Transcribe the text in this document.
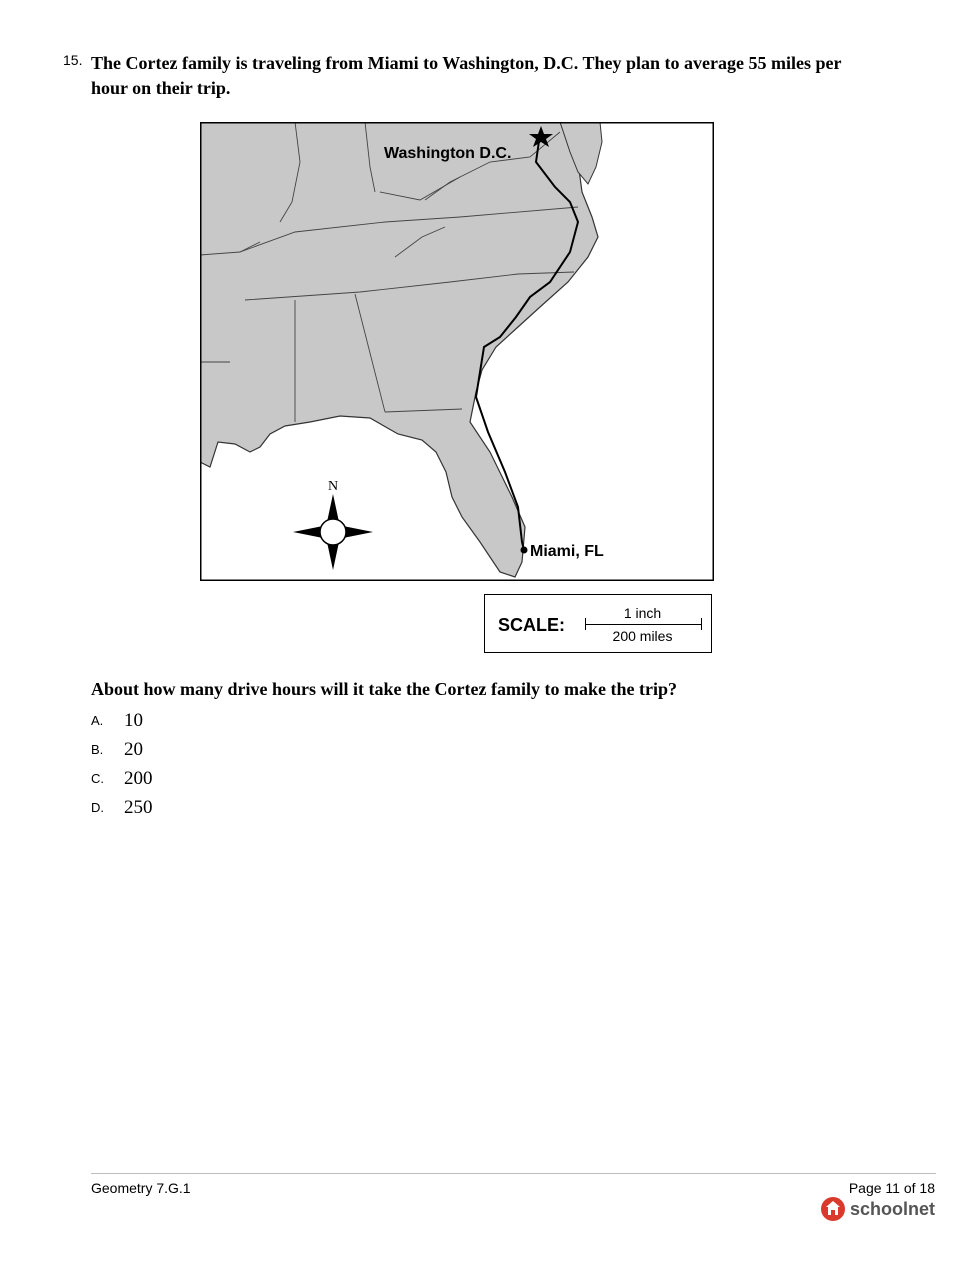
15. The Cortez family is traveling from Miami to Washington, D.C. They plan to average 55 miles per hour on their trip.
Washington D.C.
Miami, FL
N
SCALE:
1 inch
200 miles
About how many drive hours will it take the Cortez family to make the trip?
A. 10
B. 20
C. 200
D. 250
Geometry 7.G.1	Page 11 of 18
schoolnet
